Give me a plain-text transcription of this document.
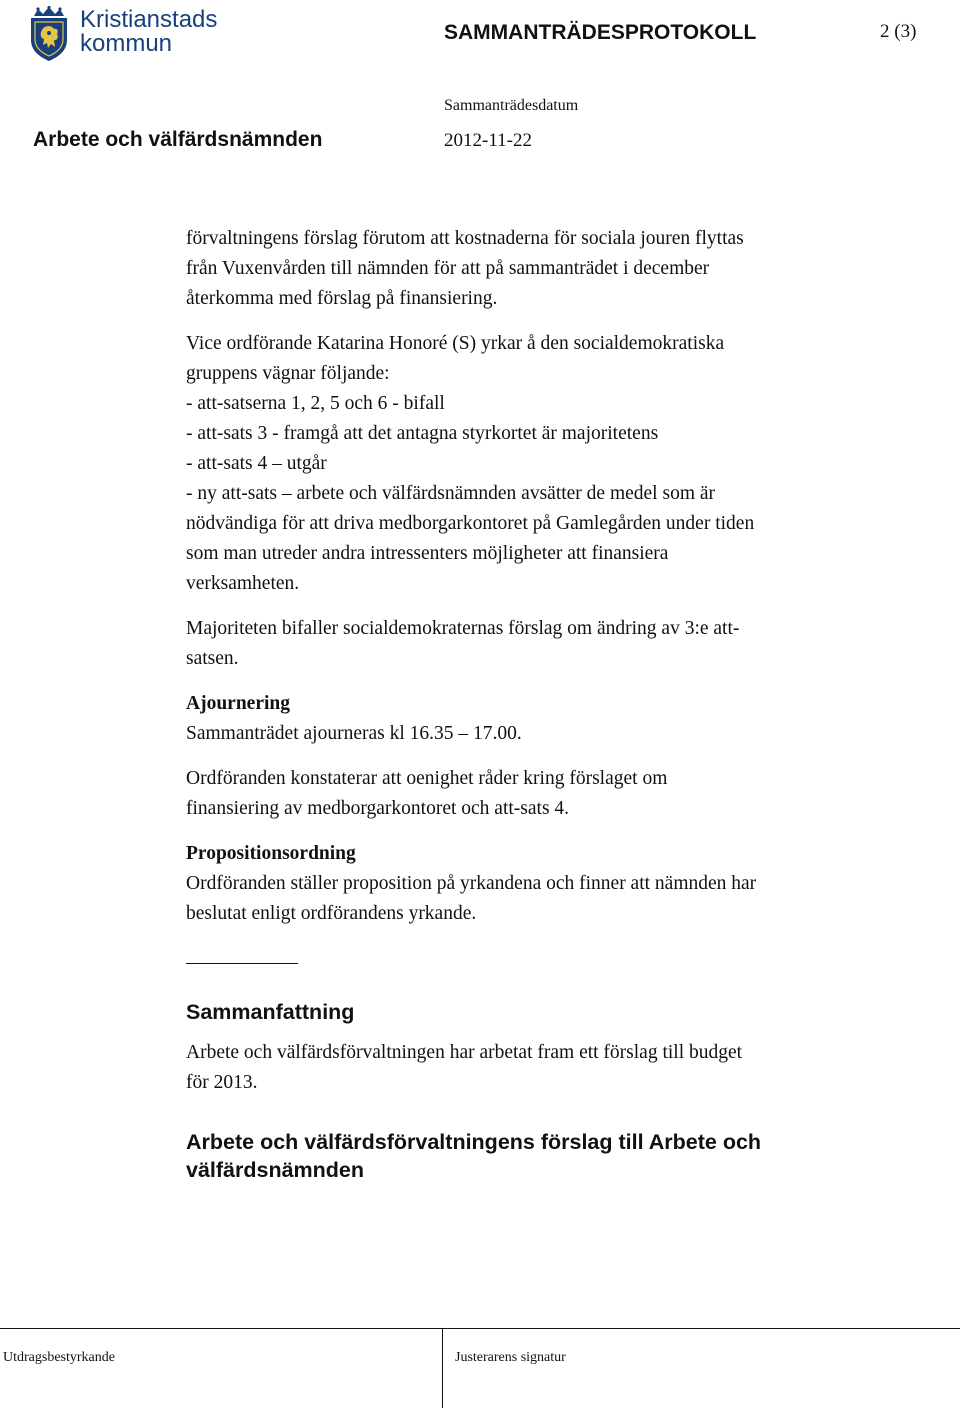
Kristianstads
kommun	SAMMANTRÄDESPROTOKOLL	2 (3)
Sammanträdesdatum
Arbete och välfärdsnämnden	2012-11-22
förvaltningens förslag förutom att kostnaderna för sociala jouren flyttas
från Vuxenvården till nämnden för att på sammanträdet i december
återkomma med förslag på finansiering.
Vice ordförande Katarina Honoré (S) yrkar å den socialdemokratiska
gruppens vägnar följande:
- att-satserna 1, 2, 5 och 6 - bifall
- att-sats 3 - framgå att det antagna styrkortet är majoritetens
- att-sats 4 – utgår
- ny att-sats – arbete och välfärdsnämnden avsätter de medel som är
nödvändiga för att driva medborgarkontoret på Gamlegården under tiden
som man utreder andra intressenters möjligheter att finansiera
verksamheten.
Majoriteten bifaller socialdemokraternas förslag om ändring av 3:e att-
satsen.
Ajournering
Sammanträdet ajourneras kl 16.35 – 17.00.
Ordföranden konstaterar att oenighet råder kring förslaget om
finansiering av medborgarkontoret och att-sats 4.
Propositionsordning
Ordföranden ställer proposition på yrkandena och finner att nämnden har
beslutat enligt ordförandens yrkande.
Sammanfattning
Arbete och välfärdsförvaltningen har arbetat fram ett förslag till budget
för 2013.
Arbete och välfärdsförvaltningens förslag till Arbete och
välfärdsnämnden
Utdragsbestyrkande	Justerarens signatur
